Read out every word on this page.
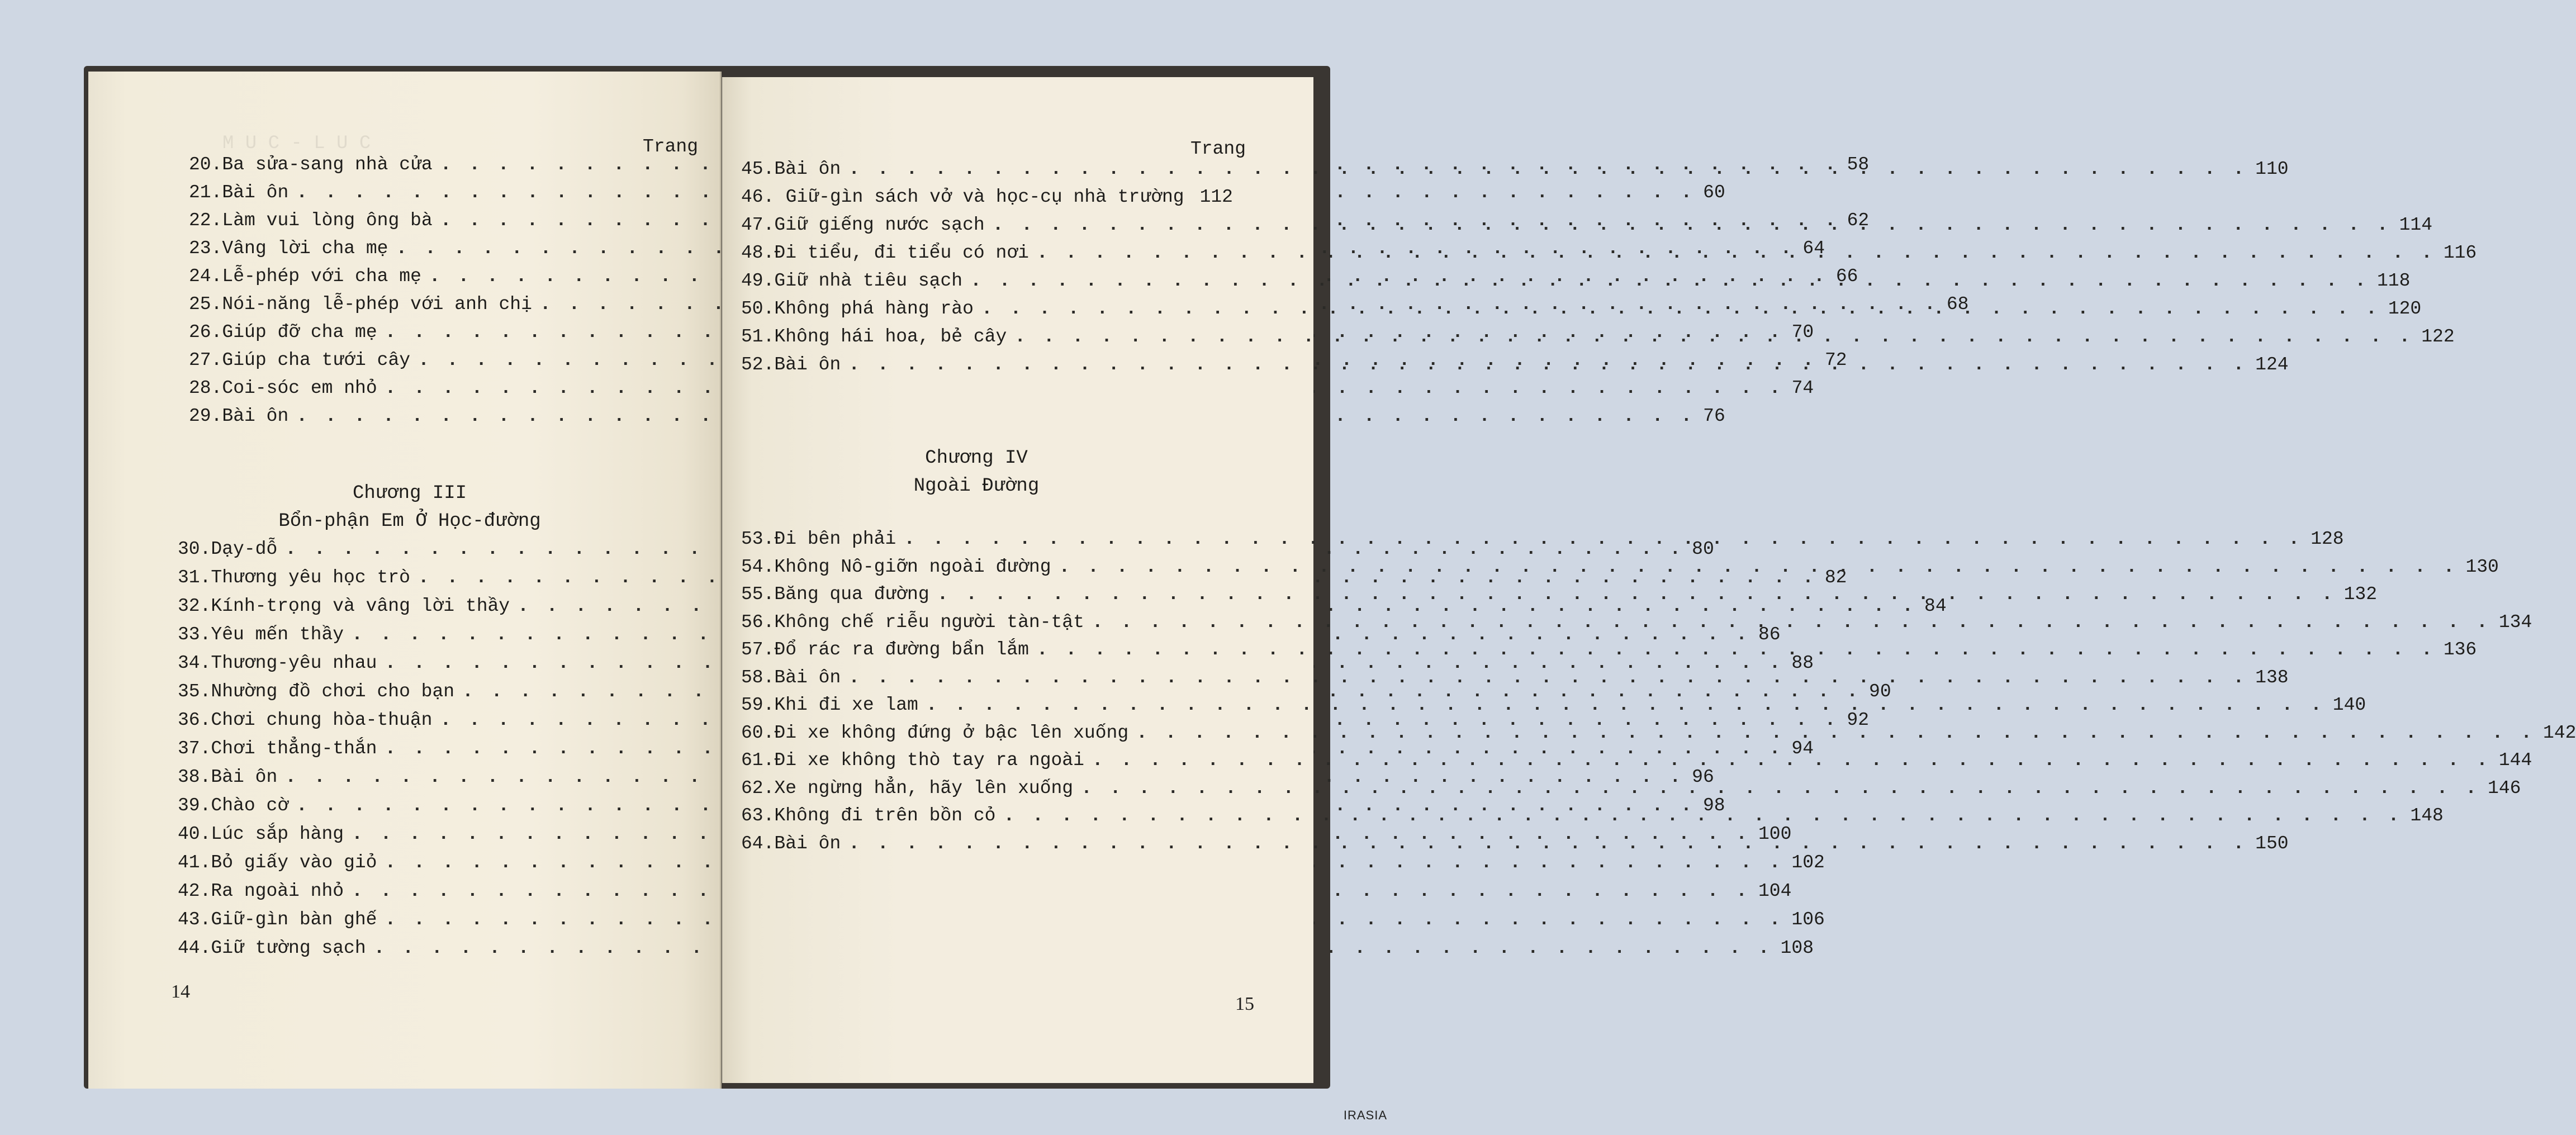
M U C - L U C	Trang
20. Ba sửa-sang nhà cửa . . .	58
21. Bài ôn . . .	60
22. Làm vui lòng ông bà . . .	62
23. Vâng lời cha mẹ . . .	64
24. Lễ-phép với cha mẹ . . .	66
25. Nói-năng lễ-phép với anh chị . . .	68
26. Giúp đỡ cha mẹ . . .	70
27. Giúp cha tưới cây . . .	72
28. Coi-sóc em nhỏ . . .	74
29. Bài ôn . . .	76
Chương III
Bổn-phận Em Ở Học-đường
30. Dạy-dỗ . . .	80
31. Thương yêu học trò . . .	82
32. Kính-trọng và vâng lời thầy . . .	84
33. Yêu mến thầy . . .	86
34. Thương-yêu nhau . . .	88
35. Nhường đồ chơi cho bạn . . .	90
36. Chơi chung hòa-thuận . . .	92
37. Chơi thẳng-thắn . . .	94
38. Bài ôn . . .	96
39. Chào cờ . . .	98
40. Lúc sắp hàng . . .	100
41. Bỏ giấy vào giỏ . . .	102
42. Ra ngoài nhỏ . . .	104
43. Giữ-gìn bàn ghế . . .	106
44. Giữ tường sạch . . .	108
14
Trang
45. Bài ôn . . .	110
46. Giữ-gìn sách vở và học-cụ nhà trường 112
47. Giữ giếng nước sạch . . .	114
48. Đi tiểu, đi tiểu có nơi . . .	116
49. Giữ nhà tiêu sạch . . .	118
50. Không phá hàng rào . . .	120
51. Không hái hoa, bẻ cây . . .	122
52. Bài ôn . . .	124
Chương IV
Ngoài Đường
53. Đi bên phải . . .	128
54. Không Nô-giỡn ngoài đường . . .	130
55. Băng qua đường . . .	132
56. Không chế riễu người tàn-tật . . .	134
57. Đổ rác ra đường bẩn lắm . . .	136
58. Bài ôn . . .	138
59. Khi đi xe lam . . .	140
60. Đi xe không đứng ở bậc lên xuống . . .	142
61. Đi xe không thò tay ra ngoài . . .	144
62. Xe ngừng hẳn, hãy lên xuống . . .	146
63. Không đi trên bồn cỏ . . .	148
64. Bài ôn . . .	150
15
IRASIA
